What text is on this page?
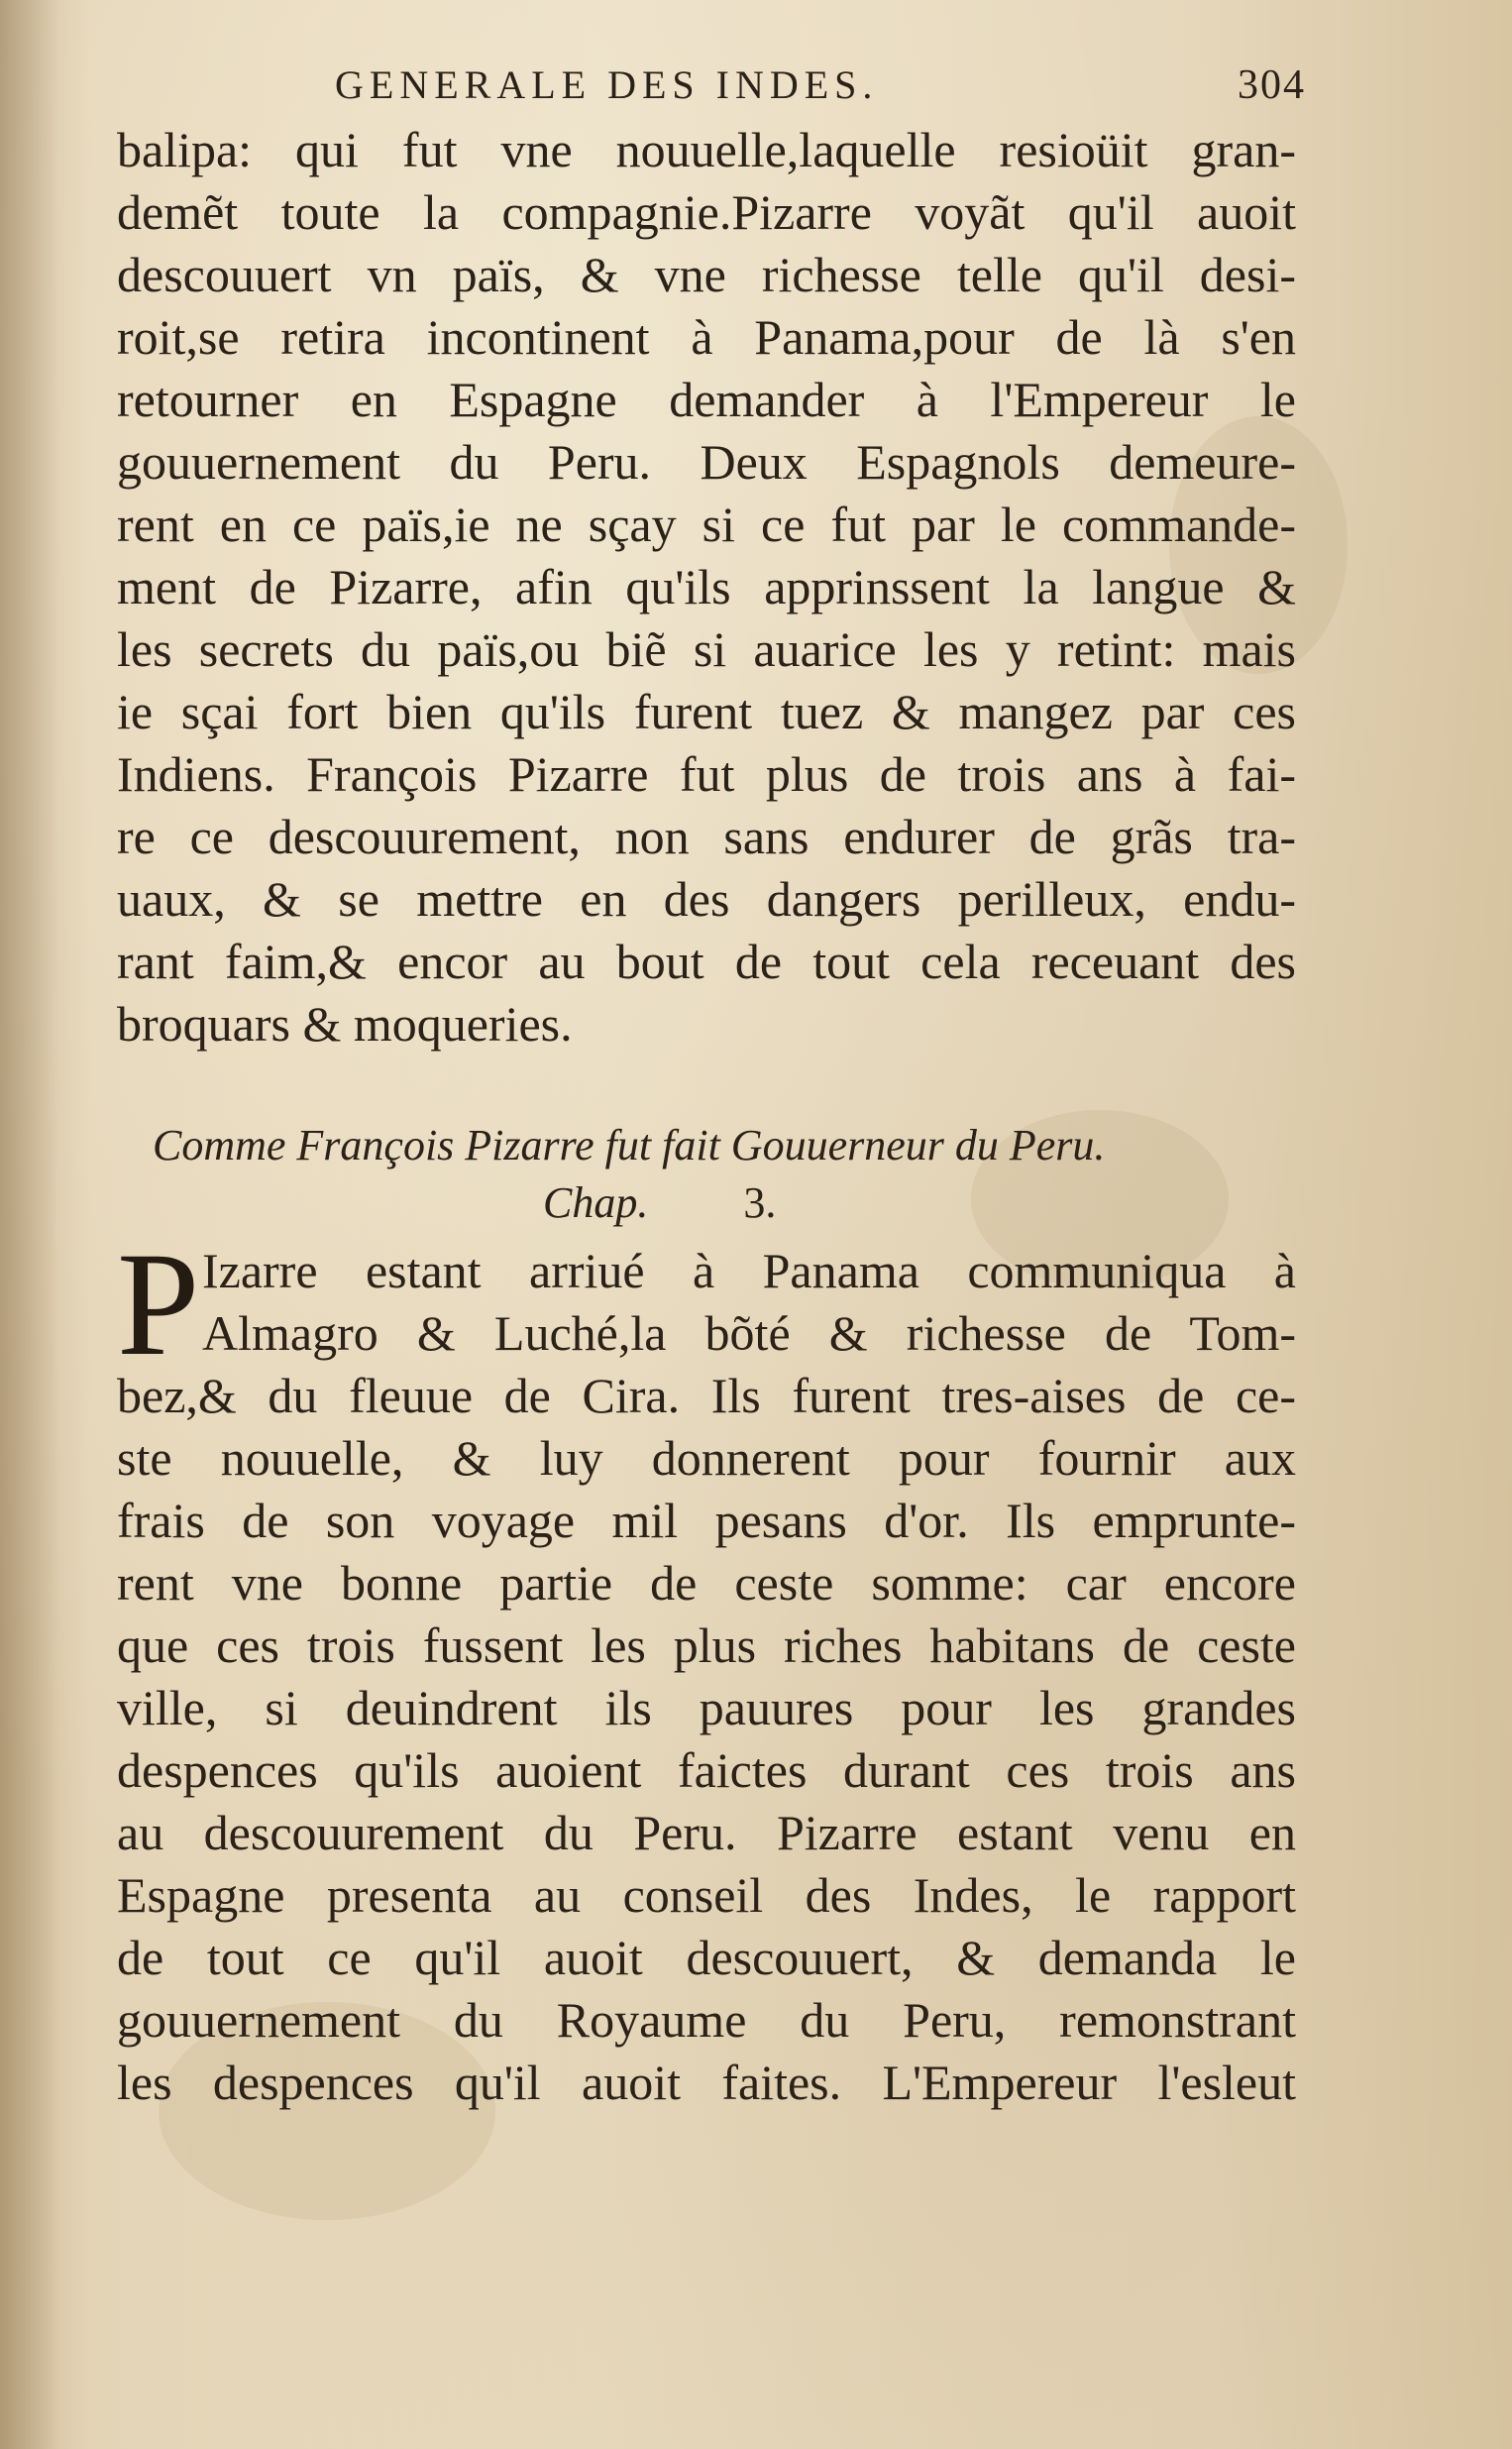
GENERALE DES INDES.	304
balipa: qui fut vne nouuelle,laquelle resioüit gran-
demẽt toute la compagnie.Pizarre voyãt qu'il auoit
descouuert vn païs, & vne richesse telle qu'il desi-
roit,se retira incontinent à Panama,pour de là s'en
retourner en Espagne demander à l'Empereur le
gouuernement du Peru. Deux Espagnols demeure-
rent en ce païs,ie ne sçay si ce fut par le commande-
ment de Pizarre, afin qu'ils apprinssent la langue &
les secrets du païs,ou biẽ si auarice les y retint: mais
ie sçai fort bien qu'ils furent tuez & mangez par ces
Indiens. François Pizarre fut plus de trois ans à fai-
re ce descouurement, non sans endurer de grãs tra-
uaux, & se mettre en des dangers perilleux, endu-
rant faim,& encor au bout de tout cela receuant des
broquars & moqueries.
Comme François Pizarre fut fait Gouuerneur du Peru.
Chap. 3.
P Izarre estant arriué à Panama communiqua à
Almagro & Luché,la bõté & richesse de Tom-
bez,& du fleuue de Cira. Ils furent tres-aises de ce-
ste nouuelle, & luy donnerent pour fournir aux
frais de son voyage mil pesans d'or. Ils emprunte-
rent vne bonne partie de ceste somme: car encore
que ces trois fussent les plus riches habitans de ceste
ville, si deuindrent ils pauures pour les grandes
despences qu'ils auoient faictes durant ces trois ans
au descouurement du Peru. Pizarre estant venu en
Espagne presenta au conseil des Indes, le rapport
de tout ce qu'il auoit descouuert, & demanda le
gouuernement du Royaume du Peru, remonstrant
les despences qu'il auoit faites. L'Empereur l'esleut
